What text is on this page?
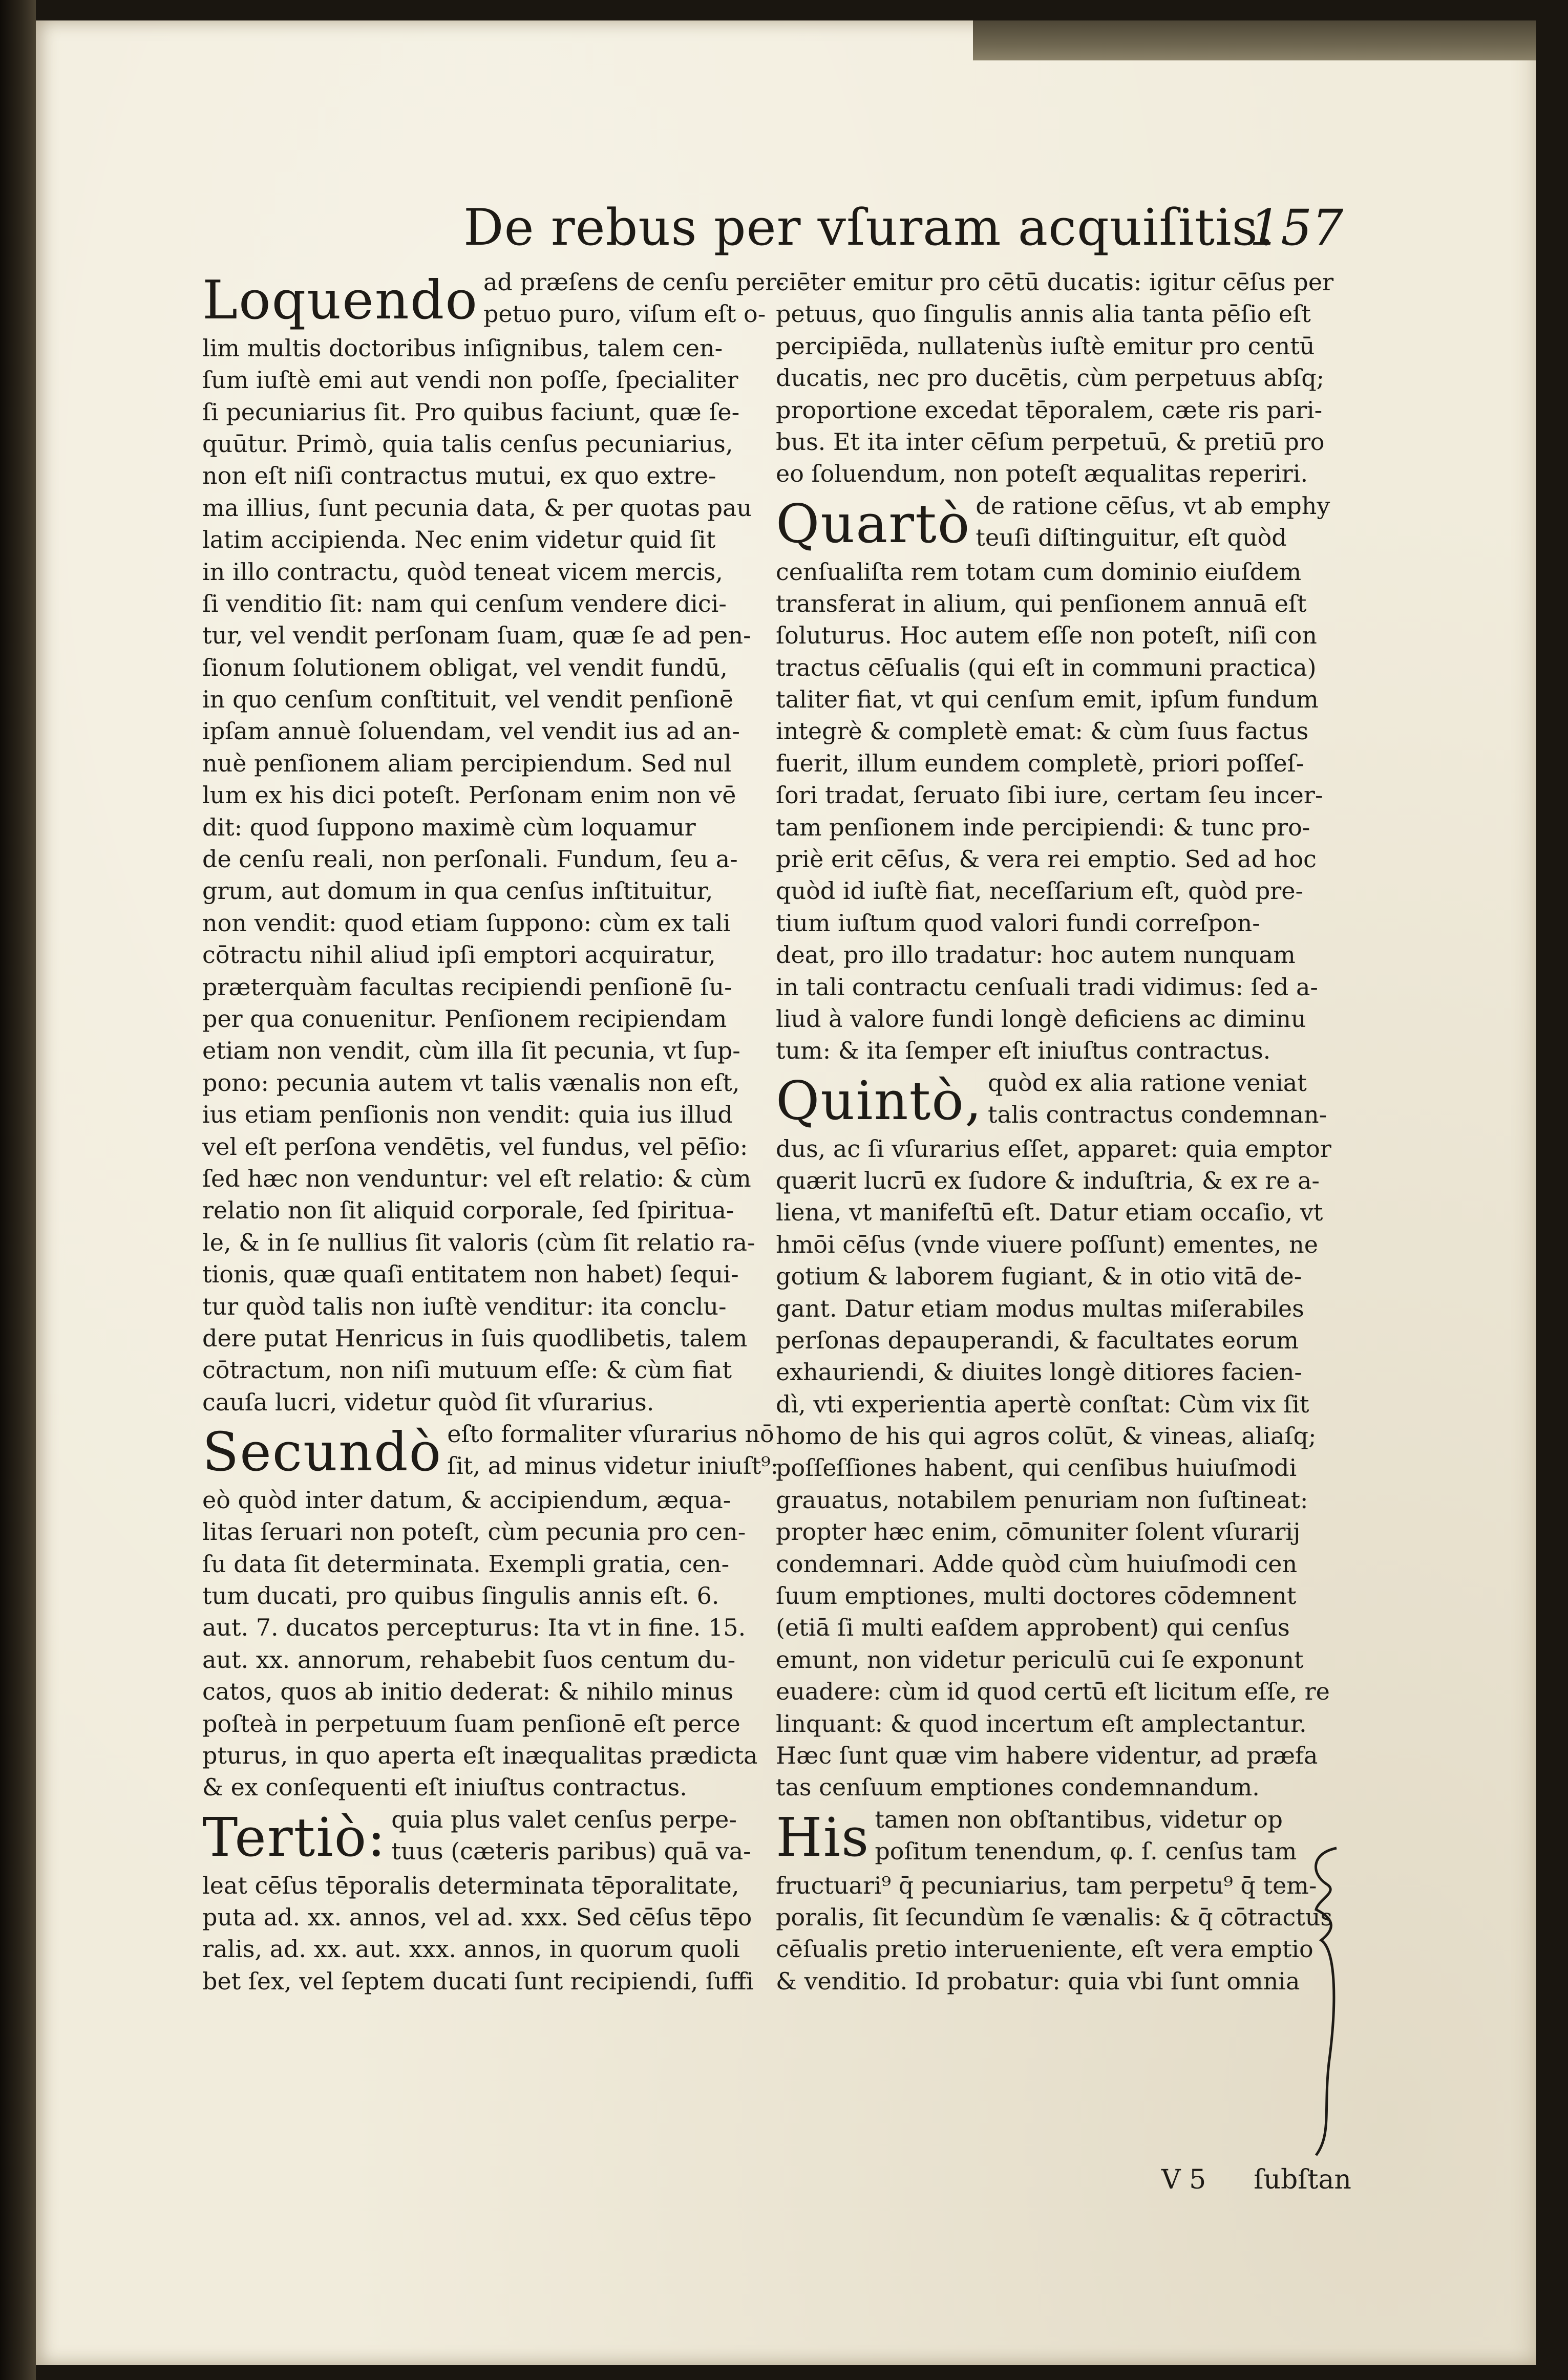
De rebus per vſuram acquiſitis.
157
Loquendo ad præſens de cenſu per-
petuo puro, viſum eſt o-
lim multis doctoribus inſignibus, talem cen-
ſum iuſtè emi aut vendi non poſſe, ſpecialiter
ſi pecuniarius ſit. Pro quibus faciunt, quæ ſe-
quūtur. Primò, quia talis cenſus pecuniarius,
non eſt niſi contractus mutui, ex quo extre-
ma illius, ſunt pecunia data, & per quotas pau
latim accipienda. Nec enim videtur quid ſit
in illo contractu, quòd teneat vicem mercis,
ſi venditio ſit: nam qui cenſum vendere dici-
tur, vel vendit perſonam ſuam, quæ ſe ad pen-
ſionum ſolutionem obligat, vel vendit fundū,
in quo cenſum conſtituit, vel vendit penſionē
ipſam annuè ſoluendam, vel vendit ius ad an-
nuè penſionem aliam percipiendum. Sed nul
lum ex his dici poteſt. Perſonam enim non vē
dit: quod ſuppono maximè cùm loquamur
de cenſu reali, non perſonali. Fundum, ſeu a-
grum, aut domum in qua cenſus inſtituitur,
non vendit: quod etiam ſuppono: cùm ex tali
cōtractu nihil aliud ipſi emptori acquiratur,
præterquàm facultas recipiendi penſionē ſu-
per qua conuenitur. Penſionem recipiendam
etiam non vendit, cùm illa ſit pecunia, vt ſup-
pono: pecunia autem vt talis vænalis non eſt,
ius etiam penſionis non vendit: quia ius illud
vel eſt perſona vendētis, vel fundus, vel pēſio:
ſed hæc non venduntur: vel eſt relatio: & cùm
relatio non ſit aliquid corporale, ſed ſpiritua-
le, & in ſe nullius ſit valoris (cùm ſit relatio ra-
tionis, quæ quaſi entitatem non habet) ſequi-
tur quòd talis non iuſtè venditur: ita conclu-
dere putat Henricus in ſuis quodlibetis, talem
cōtractum, non niſi mutuum eſſe: & cùm fiat
cauſa lucri, videtur quòd ſit vſurarius.
Secundò eſto formaliter vſurarius nō
ſit, ad minus videtur iniuſt⁹:
eò quòd inter datum, & accipiendum, æqua-
litas ſeruari non poteſt, cùm pecunia pro cen-
ſu data ſit determinata. Exempli gratia, cen-
tum ducati, pro quibus ſingulis annis eſt. 6.
aut. 7. ducatos percepturus: Ita vt in fine. 15.
aut. xx. annorum, rehabebit ſuos centum du-
catos, quos ab initio dederat: & nihilo minus
poſteà in perpetuum ſuam penſionē eſt perce
pturus, in quo aperta eſt inæqualitas prædicta
& ex conſequenti eſt iniuſtus contractus.
Tertiò: quia plus valet cenſus perpe-
tuus (cæteris paribus) quā va-
leat cēſus tēporalis determinata tēporalitate,
puta ad. xx. annos, vel ad. xxx. Sed cēſus tēpo
ralis, ad. xx. aut. xxx. annos, in quorum quoli
bet ſex, vel ſeptem ducati ſunt recipiendi, ſuffi
ciēter emitur pro cētū ducatis: igitur cēſus per
petuus, quo ſingulis annis alia tanta pēſio eſt
percipiēda, nullatenùs iuſtè emitur pro centū
ducatis, nec pro ducētis, cùm perpetuus abſq;
proportione excedat tēporalem, cæte ris pari-
bus. Et ita inter cēſum perpetuū, & pretiū pro
eo ſoluendum, non poteſt æqualitas reperiri.
Quartò de ratione cēſus, vt ab emphy
teuſi diſtinguitur, eſt quòd
cenſualiſta rem totam cum dominio eiuſdem
transferat in alium, qui penſionem annuā eſt
ſoluturus. Hoc autem eſſe non poteſt, niſi con
tractus cēſualis (qui eſt in communi practica)
taliter fiat, vt qui cenſum emit, ipſum fundum
integrè & completè emat: & cùm ſuus factus
fuerit, illum eundem completè, priori poſſeſ-
ſori tradat, ſeruato ſibi iure, certam ſeu incer-
tam penſionem inde percipiendi: & tunc pro-
priè erit cēſus, & vera rei emptio. Sed ad hoc
quòd id iuſtè fiat, neceſſarium eſt, quòd pre-
tium iuſtum quod valori fundi correſpon-
deat, pro illo tradatur: hoc autem nunquam
in tali contractu cenſuali tradi vidimus: ſed a-
liud à valore fundi longè deficiens ac diminu
tum: & ita ſemper eſt iniuſtus contractus.
Quintò, quòd ex alia ratione veniat
talis contractus condemnan-
dus, ac ſi vſurarius eſſet, apparet: quia emptor
quærit lucrū ex ſudore & induſtria, & ex re a-
liena, vt manifeſtū eſt. Datur etiam occaſio, vt
hmōi cēſus (vnde viuere poſſunt) ementes, ne
gotium & laborem fugiant, & in otio vitā de-
gant. Datur etiam modus multas miſerabiles
perſonas depauperandi, & facultates eorum
exhauriendi, & diuites longè ditiores facien-
dì, vti experientia apertè conſtat: Cùm vix ſit
homo de his qui agros colūt, & vineas, aliaſq;
poſſeſſiones habent, qui cenſibus huiuſmodi
grauatus, notabilem penuriam non ſuſtineat:
propter hæc enim, cōmuniter ſolent vſurarij
condemnari. Adde quòd cùm huiuſmodi cen
ſuum emptiones, multi doctores cōdemnent
(etiā ſi multi eaſdem approbent) qui cenſus
emunt, non videtur periculū cui ſe exponunt
euadere: cùm id quod certū eſt licitum eſſe, re
linquant: & quod incertum eſt amplectantur.
Hæc ſunt quæ vim habere videntur, ad præfa
tas cenſuum emptiones condemnandum.
His tamen non obſtantibus, videtur op
poſitum tenendum, φ. ſ. cenſus tam
fructuari⁹ q̄ pecuniarius, tam perpetu⁹ q̄ tem-
poralis, ſit ſecundùm ſe vænalis: & q̄ cōtractus
cēſualis pretio interueniente, eſt vera emptio
& venditio. Id probatur: quia vbi ſunt omnia
V 5 ſubſtan
